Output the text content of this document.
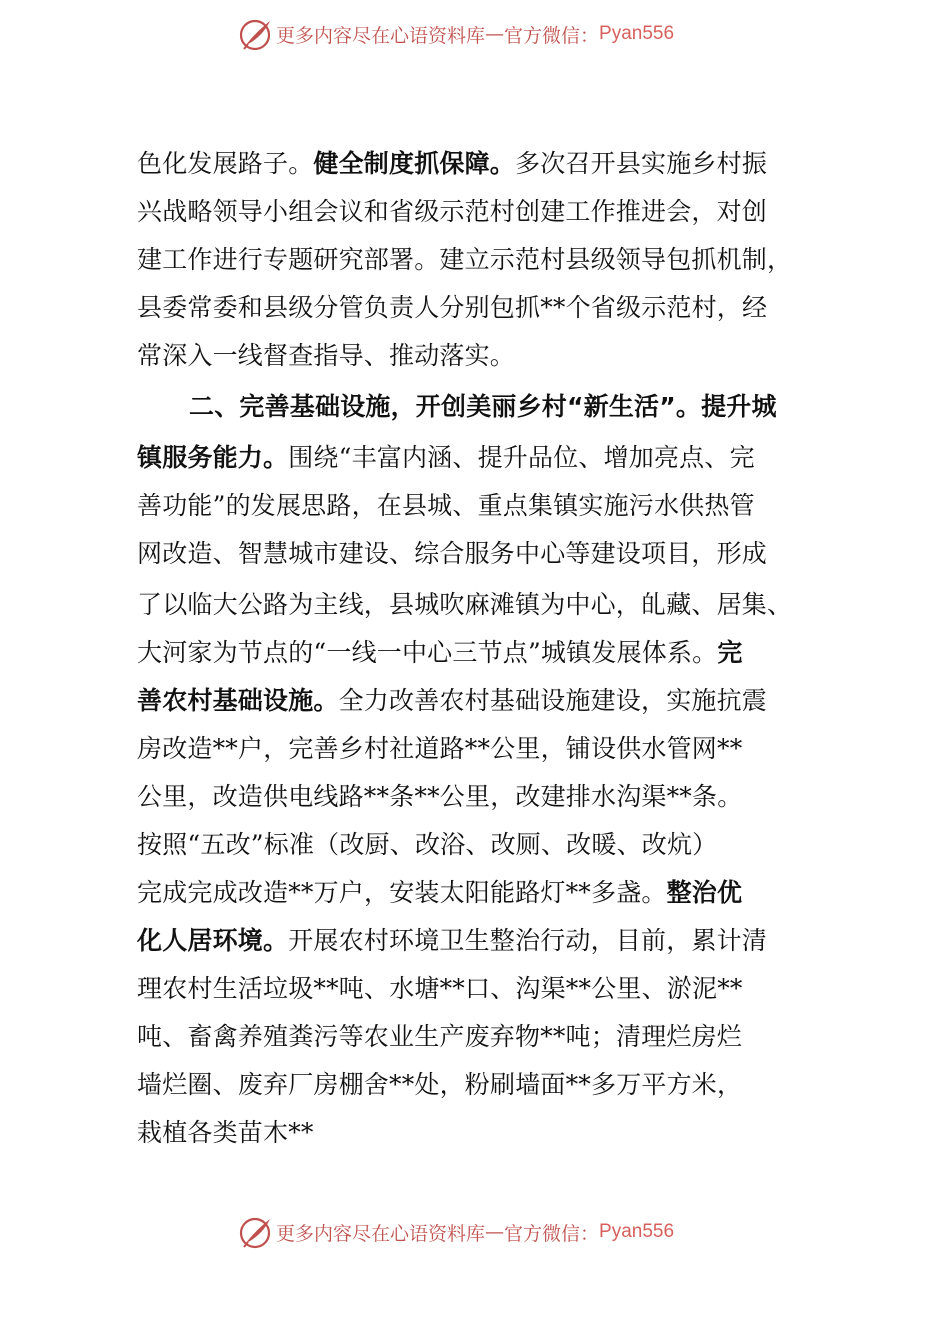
更多内容尽在心语资料库 — 官方微信： Pyan556
色化发展路子。健全制度抓保障。多次召开县实施乡村振
兴战略领导小组会议和省级示范村创建工作推进会，对创
建工作进行专题研究部署。建立示范村县级领导包抓机制，
县委常委和县级分管负责人分别包抓**个省级示范村，经
常深入一线督查指导、推动落实。
二、完善基础设施，开创美丽乡村“新生活”。提升城
镇服务能力。围绕“丰富内涵、提升品位、增加亮点、完
善功能”的发展思路，在县城、重点集镇实施污水供热管
网改造、智慧城市建设、综合服务中心等建设项目，形成
了以临大公路为主线，县城吹麻滩镇为中心，癿藏、居集、
大河家为节点的“一线一中心三节点”城镇发展体系。完
善农村基础设施。全力改善农村基础设施建设，实施抗震
房改造**户，完善乡村社道路**公里，铺设供水管网**
公里，改造供电线路**条**公里，改建排水沟渠**条。
按照“五改”标准（改厨、改浴、改厕、改暖、改炕）
完成完成改造**万户，安装太阳能路灯**多盏。整治优
化人居环境。开展农村环境卫生整治行动，目前，累计清
理农村生活垃圾**吨、水塘**口、沟渠**公里、淤泥**
吨、畜禽养殖粪污等农业生产废弃物**吨；清理烂房烂
墙烂圈、废弃厂房棚舍**处，粉刷墙面**多万平方米，
栽植各类苗木**
更多内容尽在心语资料库 — 官方微信： Pyan556
